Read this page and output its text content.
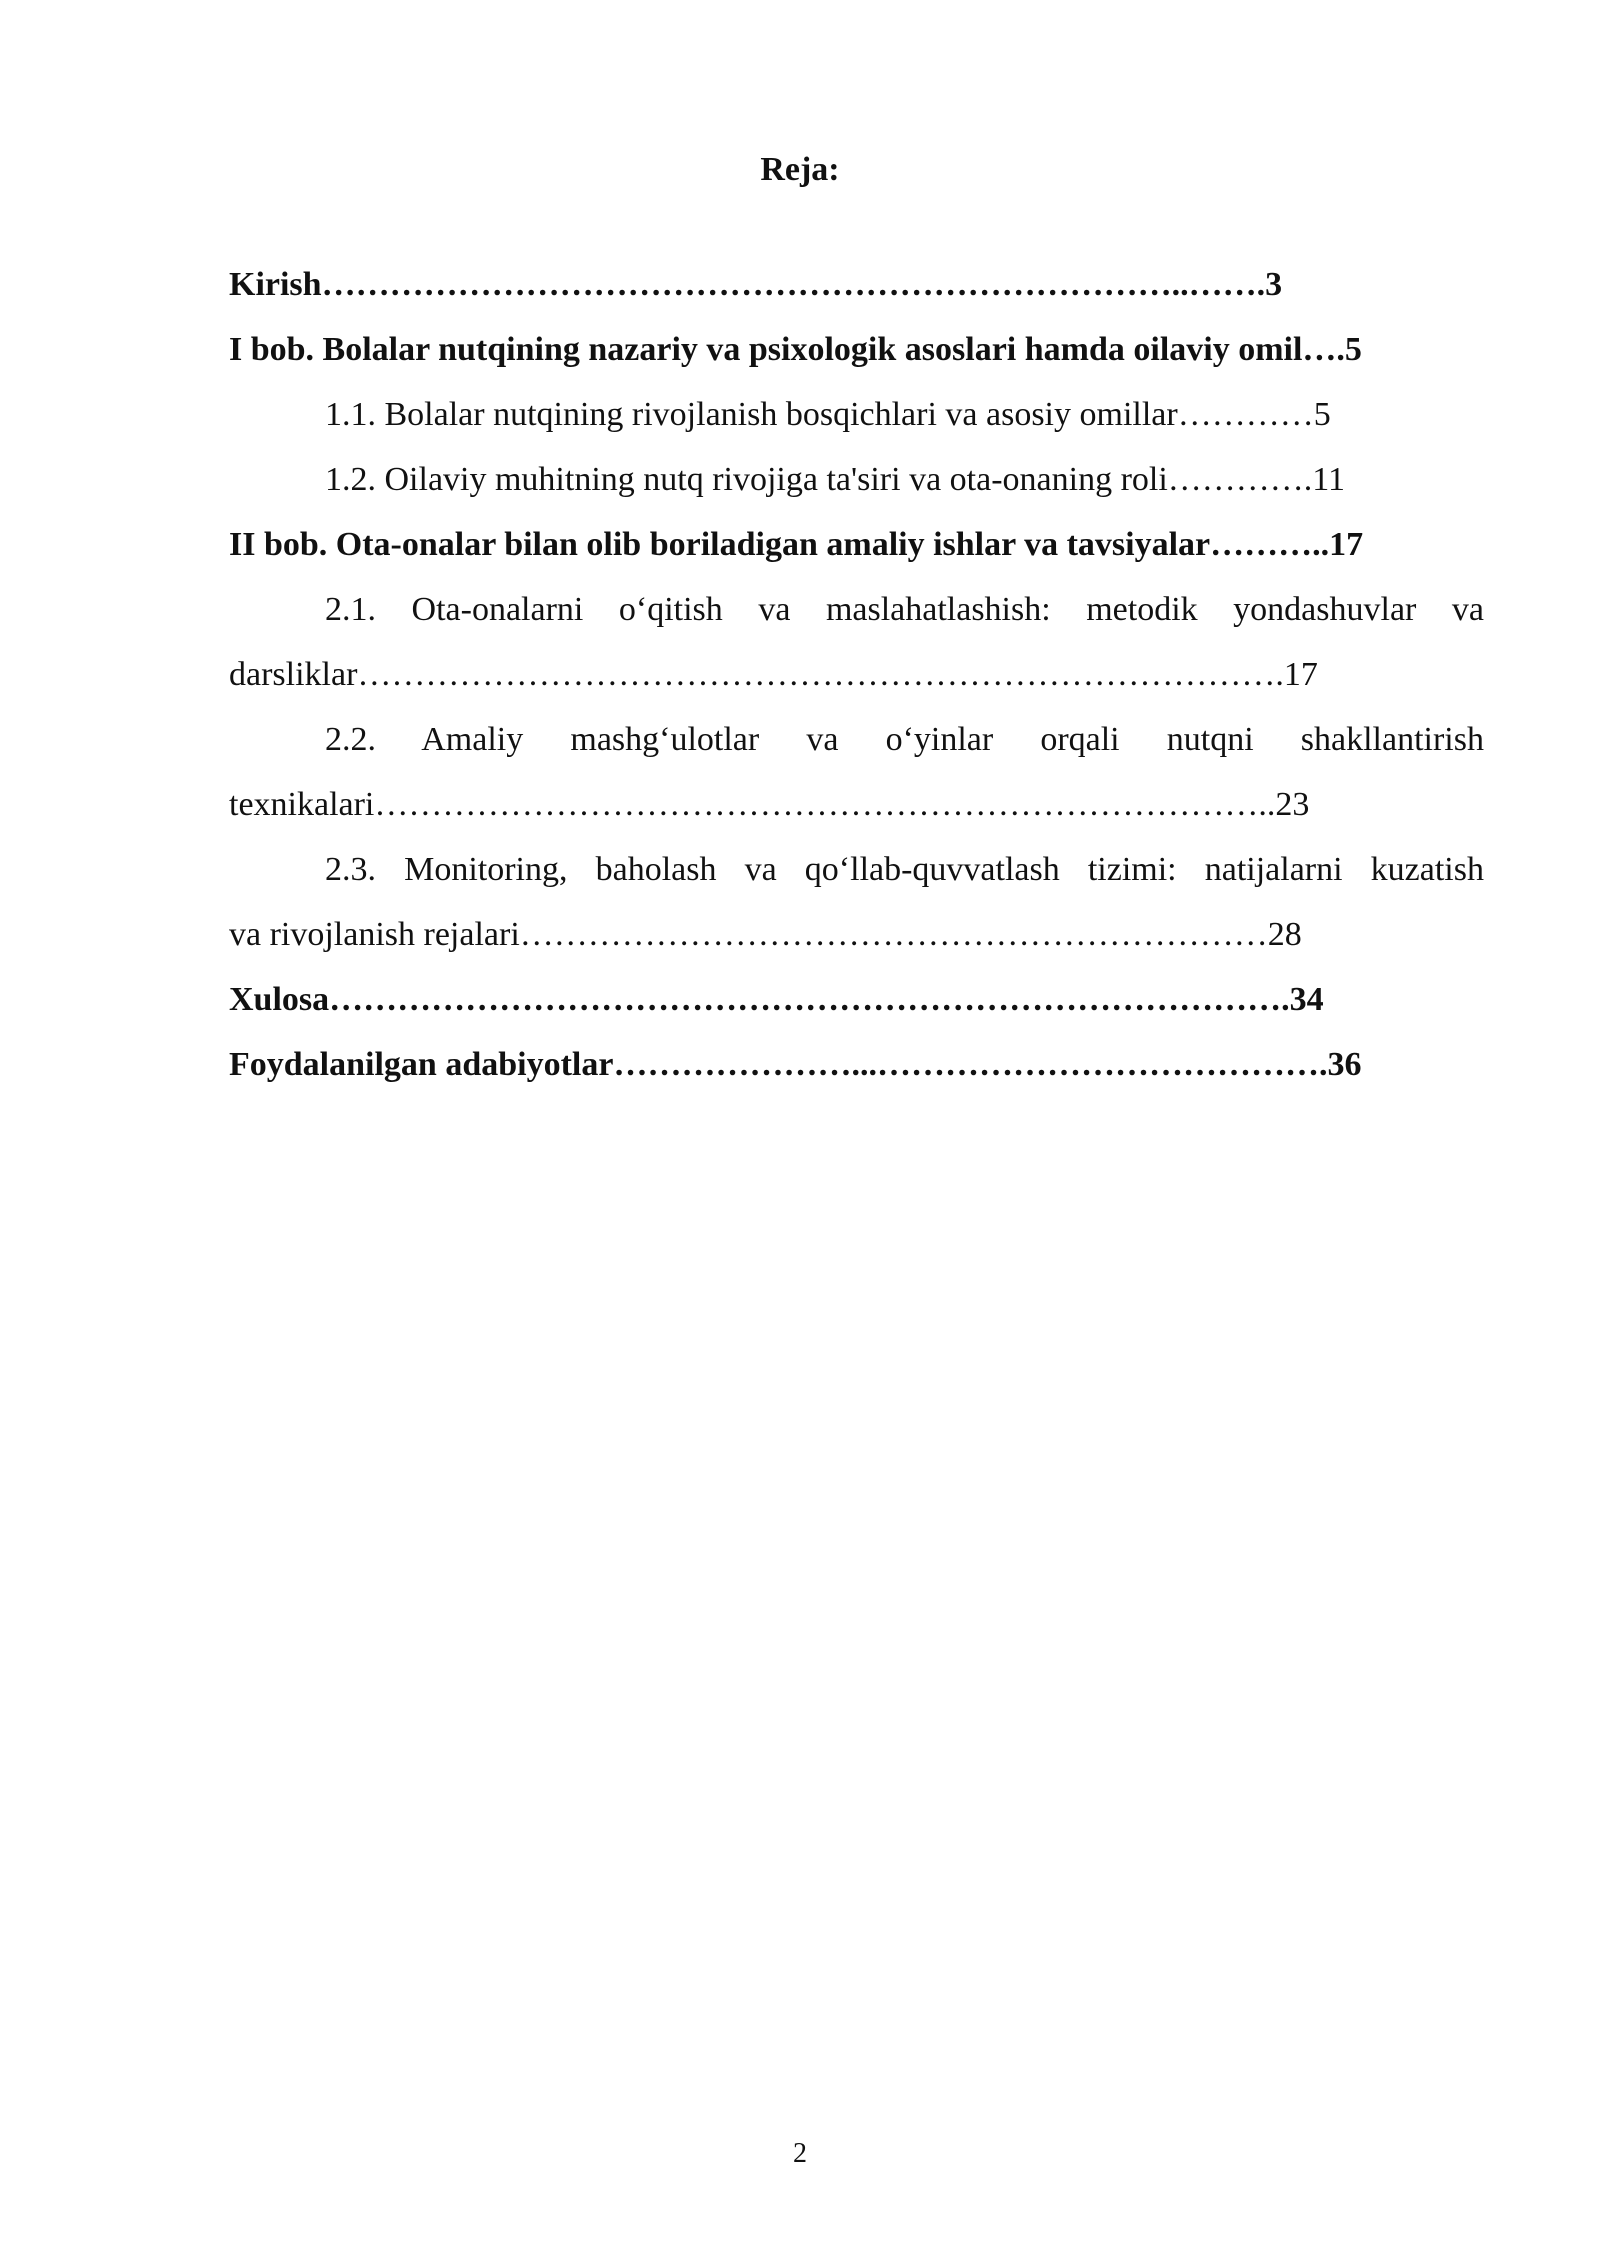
Reja:

Kirish…………………………………………………………………..…….3

I bob. Bolalar nutqining nazariy va psixologik asoslari hamda oilaviy omil….5

1.1. Bolalar nutqining rivojlanish bosqichlari va asosiy omillar…………5

1.2. Oilaviy muhitning nutq rivojiga ta'siri va ota-onaning roli………….11

II bob. Ota-onalar bilan olib boriladigan amaliy ishlar va tavsiyalar………..17

2.1. Ota-onalarni o‘qitish va maslahatlashish: metodik yondashuvlar va

darsliklar……………………………………………………………………….17

2.2. Amaliy mashg‘ulotlar va o‘yinlar orqali nutqni shakllantirish

texnikalari……………………………………………………………………..23

2.3. Monitoring, baholash va qo‘llab-quvvatlash tizimi: natijalarni kuzatish

va rivojlanish rejalari…………………………………………………………28

Xulosa………………………………………………………………………….34

Foydalanilgan adabiyotlar…………………...………………………………….36

2
